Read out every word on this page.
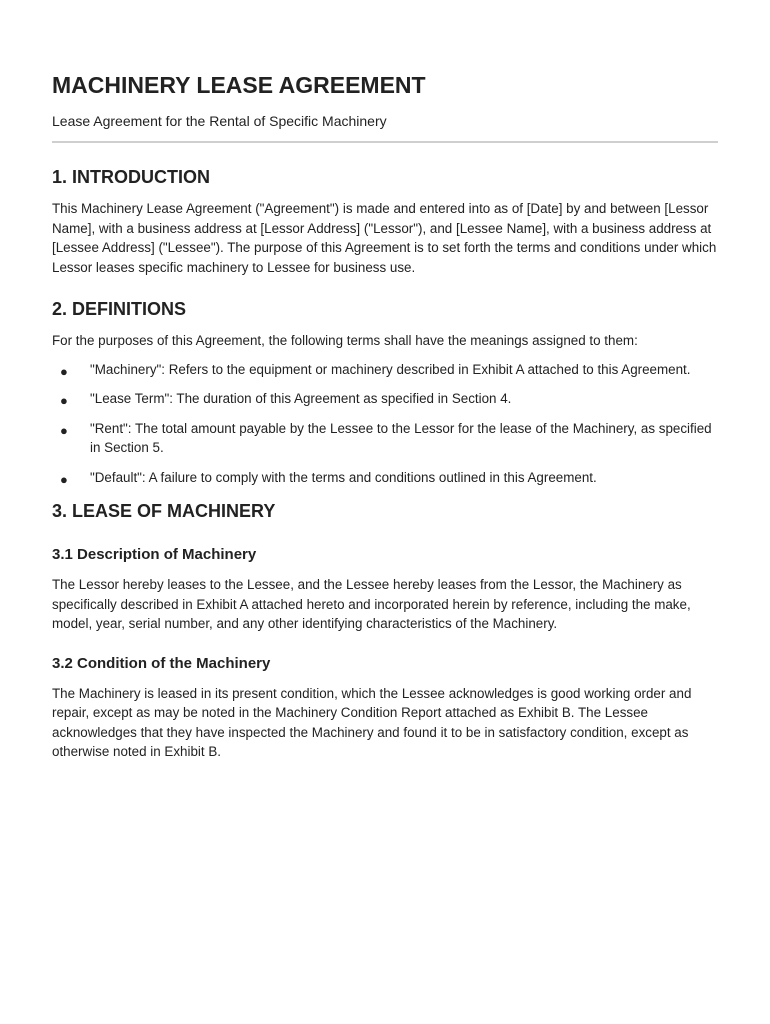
MACHINERY LEASE AGREEMENT
Lease Agreement for the Rental of Specific Machinery
1. INTRODUCTION

This Machinery Lease Agreement ("Agreement") is made and entered into as of [Date] by and between [Lessor Name], with a business address at [Lessor Address] ("Lessor"), and [Lessee Name], with a business address at [Lessee Address] ("Lessee"). The purpose of this Agreement is to set forth the terms and conditions under which Lessor leases specific machinery to Lessee for business use.

2. DEFINITIONS

For the purposes of this Agreement, the following terms shall have the meanings assigned to them:

● "Machinery": Refers to the equipment or machinery described in Exhibit A attached to this Agreement.
● "Lease Term": The duration of this Agreement as specified in Section 4.
● "Rent": The total amount payable by the Lessee to the Lessor for the lease of the Machinery, as specified in Section 5.
● "Default": A failure to comply with the terms and conditions outlined in this Agreement.
3. LEASE OF MACHINERY
3.1 Description of Machinery

The Lessor hereby leases to the Lessee, and the Lessee hereby leases from the Lessor, the Machinery as specifically described in Exhibit A attached hereto and incorporated herein by reference, including the make, model, year, serial number, and any other identifying characteristics of the Machinery.

3.2 Condition of the Machinery

The Machinery is leased in its present condition, which the Lessee acknowledges is good working order and repair, except as may be noted in the Machinery Condition Report attached as Exhibit B. The Lessee acknowledges that they have inspected the Machinery and found it to be in satisfactory condition, except as otherwise noted in Exhibit B.
